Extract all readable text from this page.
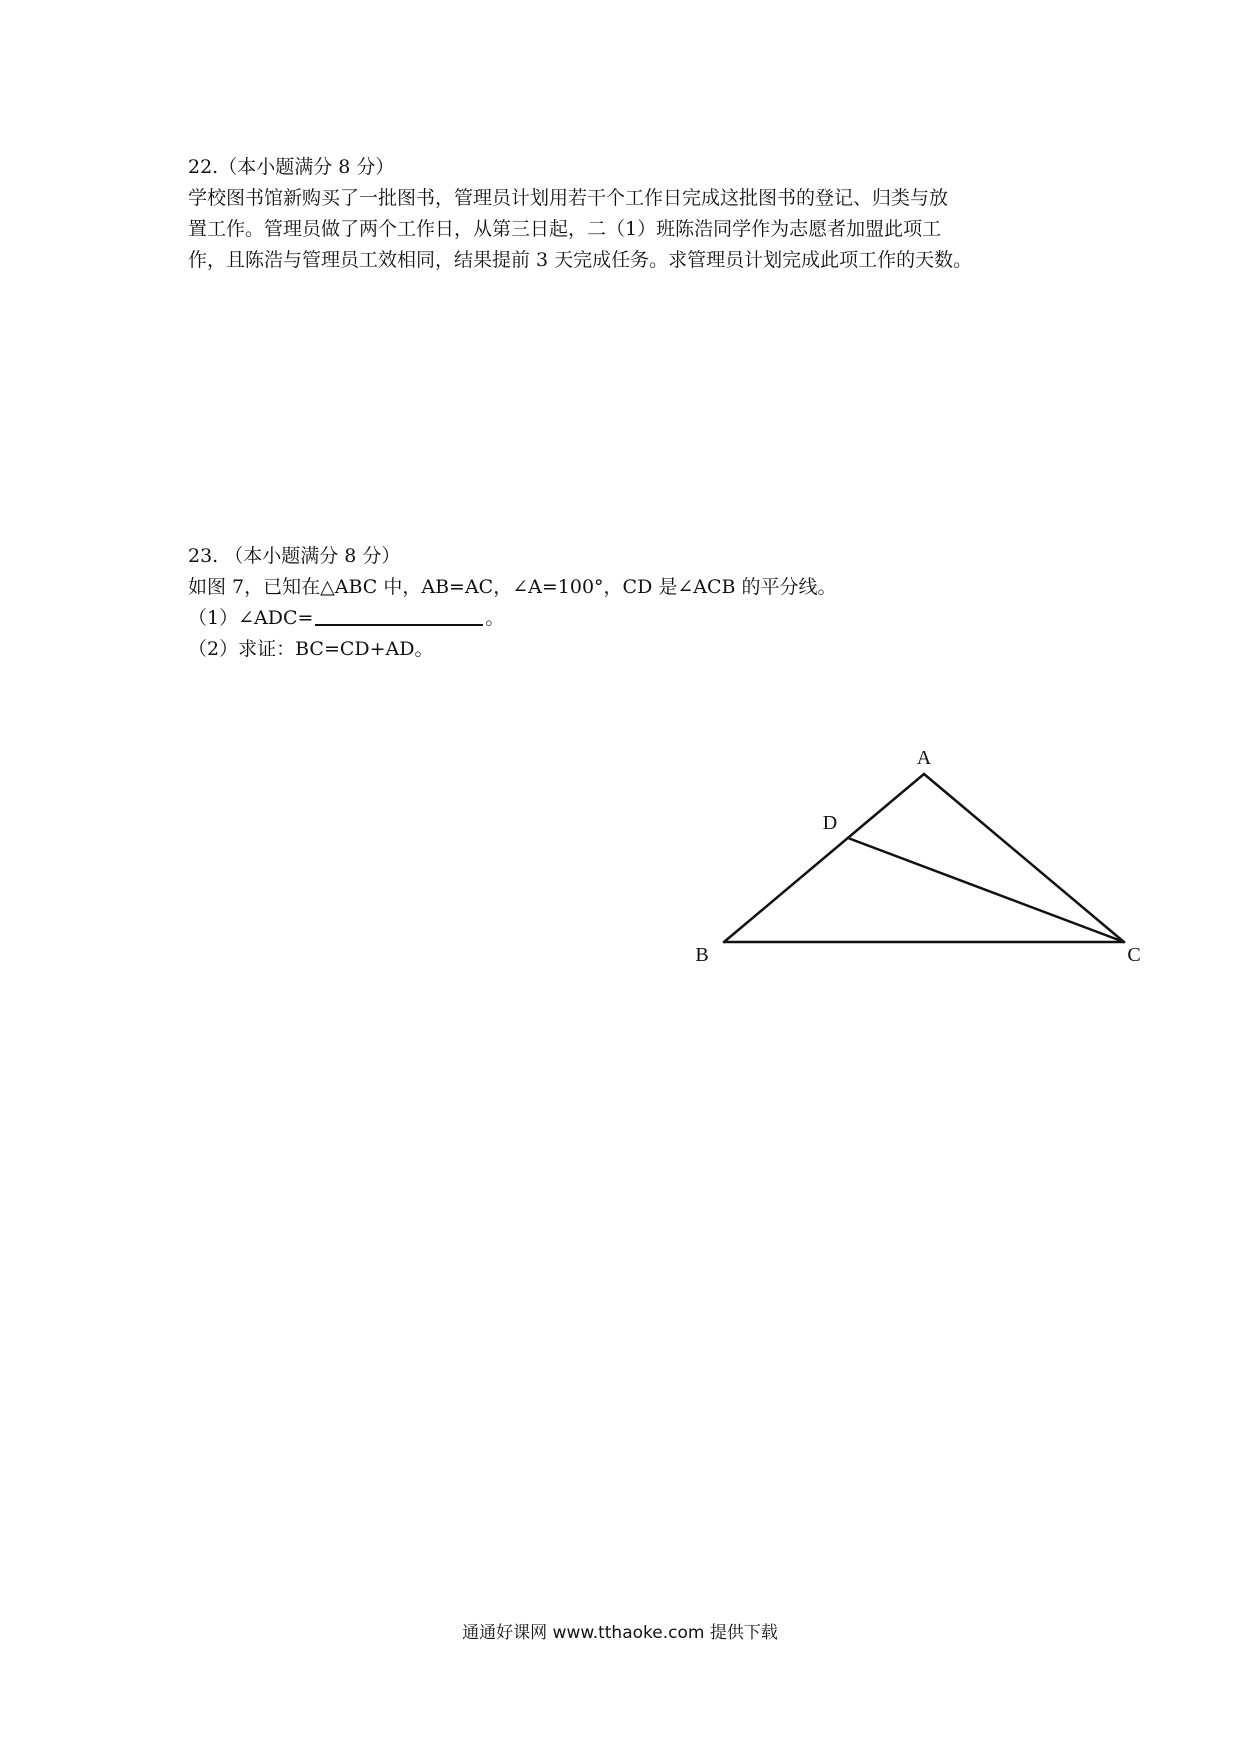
22.（本小题满分 8 分）
学校图书馆新购买了一批图书，管理员计划用若干个工作日完成这批图书的登记、归类与放
置工作。管理员做了两个工作日，从第三日起，二（1）班陈浩同学作为志愿者加盟此项工
作，且陈浩与管理员工效相同，结果提前 3 天完成任务。求管理员计划完成此项工作的天数。
23. （本小题满分 8 分）
如图 7，已知在△ABC 中，AB=AC，∠A=100°，CD 是∠ACB 的平分线。
（1）∠ADC=	。
（2）求证：BC=CD+AD。
A
B	C
D
通通好课网 www.tthaoke.com 提供下载
